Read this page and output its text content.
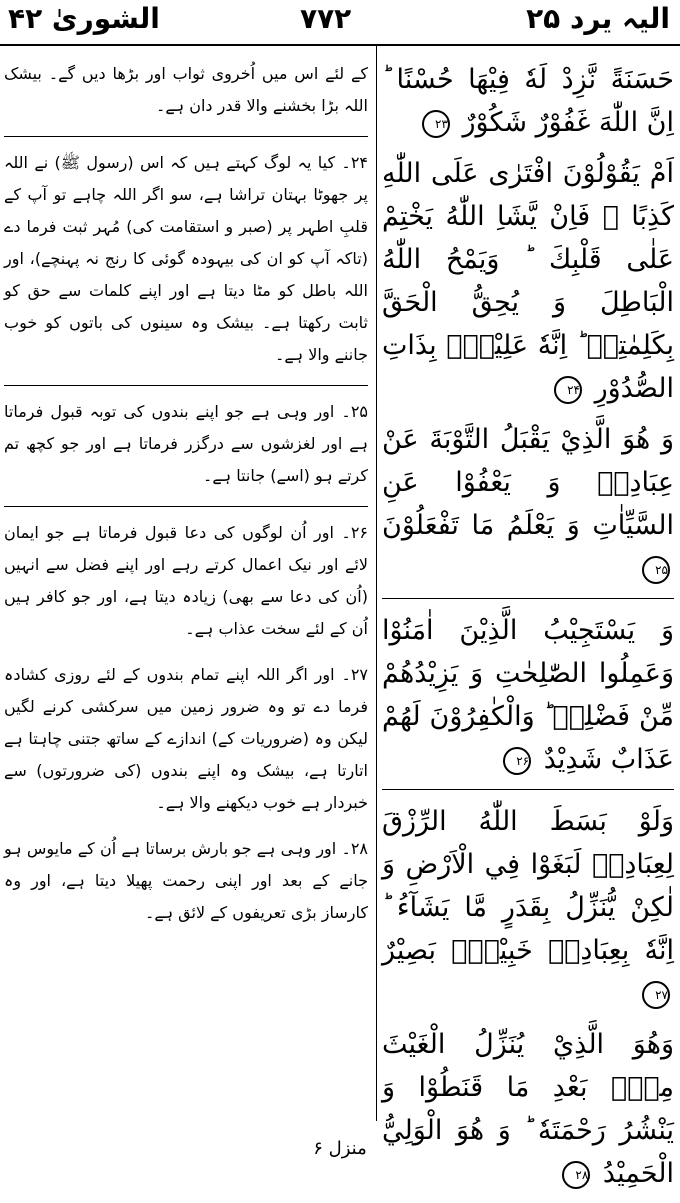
الیہ یرد ۲۵
۷۷۲
الشوریٰ ۴۲

حَسَنَةً نَّزِدْ لَهٗ فِيْهَا حُسْنًا ؕ اِنَّ اللّٰهَ غَفُوْرٌ شَكُوْرٌ ۲۳

اَمْ يَقُوْلُوْنَ افْتَرٰى عَلَى اللّٰهِ كَذِبًا ۚ فَاِنْ يَّشَاِ اللّٰهُ يَخْتِمْ عَلٰى قَلْبِكَ ؕ وَيَمْحُ اللّٰهُ الْبَاطِلَ وَ يُحِقُّ الْحَقَّ بِكَلِمٰتِهٖ ؕ اِنَّهٗ عَلِيْمٌۢ بِذَاتِ الصُّدُوْرِ ۲۴

وَ هُوَ الَّذِيْ يَقْبَلُ التَّوْبَةَ عَنْ عِبَادِهٖ وَ يَعْفُوْا عَنِ السَّيِّاٰتِ وَ يَعْلَمُ مَا تَفْعَلُوْنَ ۲۵

وَ يَسْتَجِيْبُ الَّذِيْنَ اٰمَنُوْا وَعَمِلُوا الصّٰلِحٰتِ وَ يَزِيْدُهُمْ مِّنْ فَضْلِهٖ ؕ وَالْكٰفِرُوْنَ لَهُمْ عَذَابٌ شَدِيْدٌ ۲۶

وَلَوْ بَسَطَ اللّٰهُ الرِّزْقَ لِعِبَادِهٖ لَبَغَوْا فِي الْاَرْضِ وَ لٰكِنْ يُّنَزِّلُ بِقَدَرٍ مَّا يَشَآءُ ؕ اِنَّهٗ بِعِبَادِهٖ خَبِيْرٌۢ بَصِيْرٌ ۲۷

وَهُوَ الَّذِيْ يُنَزِّلُ الْغَيْثَ مِنْۢ بَعْدِ مَا قَنَطُوْا وَ يَنْشُرُ رَحْمَتَهٗ ؕ وَ هُوَ الْوَلِيُّ الْحَمِيْدُ ۲۸

کے لئے اس میں اُخروی ثواب اور بڑھا دیں گے۔ بیشک اللہ بڑا بخشنے والا قدر دان ہے۔

۲۴۔ کیا یہ لوگ کہتے ہیں کہ اس (رسول ﷺ) نے اللہ پر جھوٹا بہتان تراشا ہے، سو اگر اللہ چاہے تو آپ کے قلبِ اطہر پر (صبر و استقامت کی) مُہر ثبت فرما دے (تاکہ آپ کو ان کی بیہودہ گوئی کا رنج نہ پہنچے)، اور اللہ باطل کو مٹا دیتا ہے اور اپنے کلمات سے حق کو ثابت رکھتا ہے۔ بیشک وہ سینوں کی باتوں کو خوب جاننے والا ہے۔

۲۵۔ اور وہی ہے جو اپنے بندوں کی توبہ قبول فرماتا ہے اور لغزشوں سے درگزر فرماتا ہے اور جو کچھ تم کرتے ہو (اسے) جانتا ہے۔

۲۶۔ اور اُن لوگوں کی دعا قبول فرماتا ہے جو ایمان لائے اور نیک اعمال کرتے رہے اور اپنے فضل سے انہیں (اُن کی دعا سے بھی) زیادہ دیتا ہے، اور جو کافر ہیں اُن کے لئے سخت عذاب ہے۔

۲۷۔ اور اگر اللہ اپنے تمام بندوں کے لئے روزی کشادہ فرما دے تو وہ ضرور زمین میں سرکشی کرنے لگیں لیکن وہ (ضروریات کے) اندازے کے ساتھ جتنی چاہتا ہے اتارتا ہے، بیشک وہ اپنے بندوں (کی ضرورتوں) سے خبردار ہے خوب دیکھنے والا ہے۔

۲۸۔ اور وہی ہے جو بارش برساتا ہے اُن کے مایوس ہو جانے کے بعد اور اپنی رحمت پھیلا دیتا ہے، اور وہ کارساز بڑی تعریفوں کے لائق ہے۔

منزل ۶
